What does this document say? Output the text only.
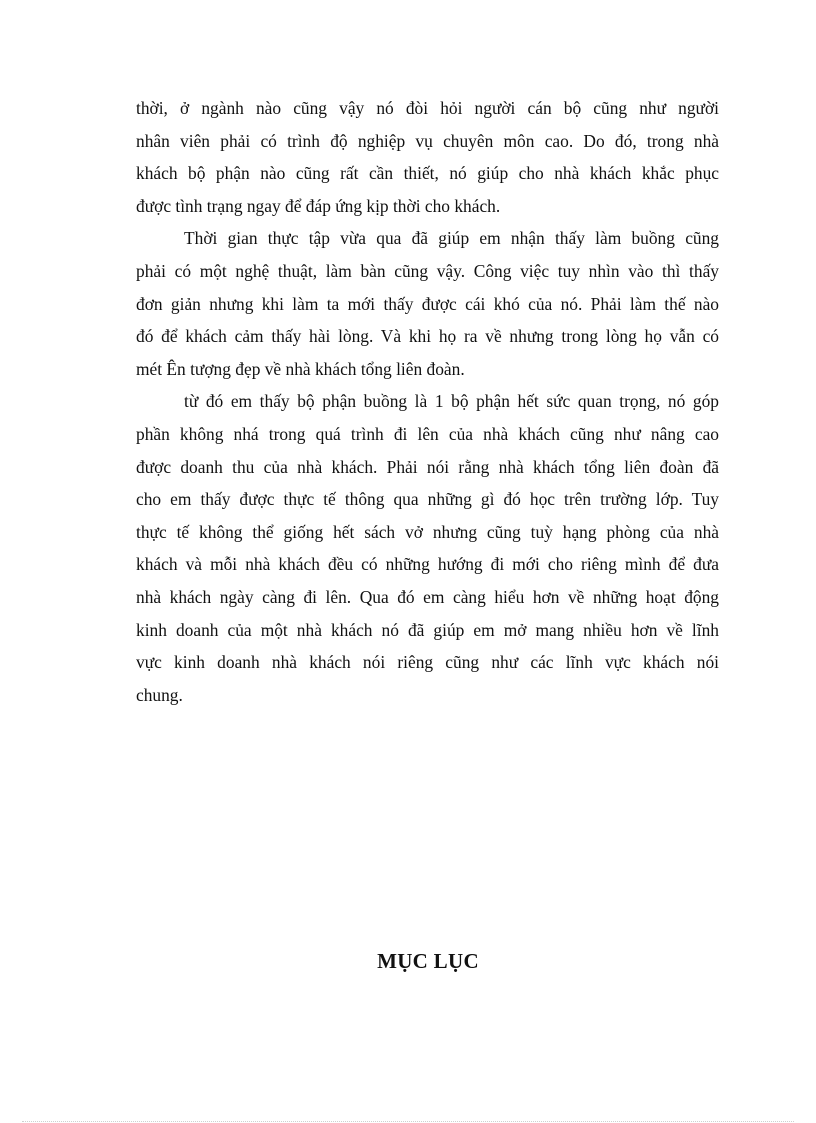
thời, ở ngành nào cũng vậy nó đòi hỏi người cán bộ cũng như người
nhân viên phải có trình độ nghiệp vụ chuyên môn cao. Do đó, trong nhà
khách bộ phận nào cũng rất cần thiết, nó giúp cho nhà khách khắc phục
được tình trạng ngay để đáp ứng kịp thời cho khách.

Thời gian thực tập vừa qua đã giúp em nhận thấy làm buồng cũng
phải có một nghệ thuật, làm bàn cũng vậy. Công việc tuy nhìn vào thì thấy
đơn giản nhưng khi làm ta mới thấy được cái khó của nó. Phải làm thế nào
đó để khách cảm thấy hài lòng. Và khi họ ra về nhưng trong lòng họ vẫn có
mét Ên tượng đẹp về nhà khách tổng liên đoàn.

từ đó em thấy bộ phận buồng là 1 bộ phận hết sức quan trọng, nó góp
phần không nhá trong quá trình đi lên của nhà khách cũng như nâng cao
được doanh thu của nhà khách. Phải nói rằng nhà khách tổng liên đoàn đã
cho em thấy được thực tế thông qua những gì đó học trên trường lớp. Tuy
thực tế không thể giống hết sách vở nhưng cũng tuỳ hạng phòng của nhà
khách và mỗi nhà khách đều có những hướng đi mới cho riêng mình để đưa
nhà khách ngày càng đi lên. Qua đó em càng hiểu hơn về những hoạt động
kinh doanh của một nhà khách nó đã giúp em mở mang nhiều hơn về lĩnh
vực kinh doanh nhà khách nói riêng cũng như các lĩnh vực khách nói
chung.

MỤC LỤC
